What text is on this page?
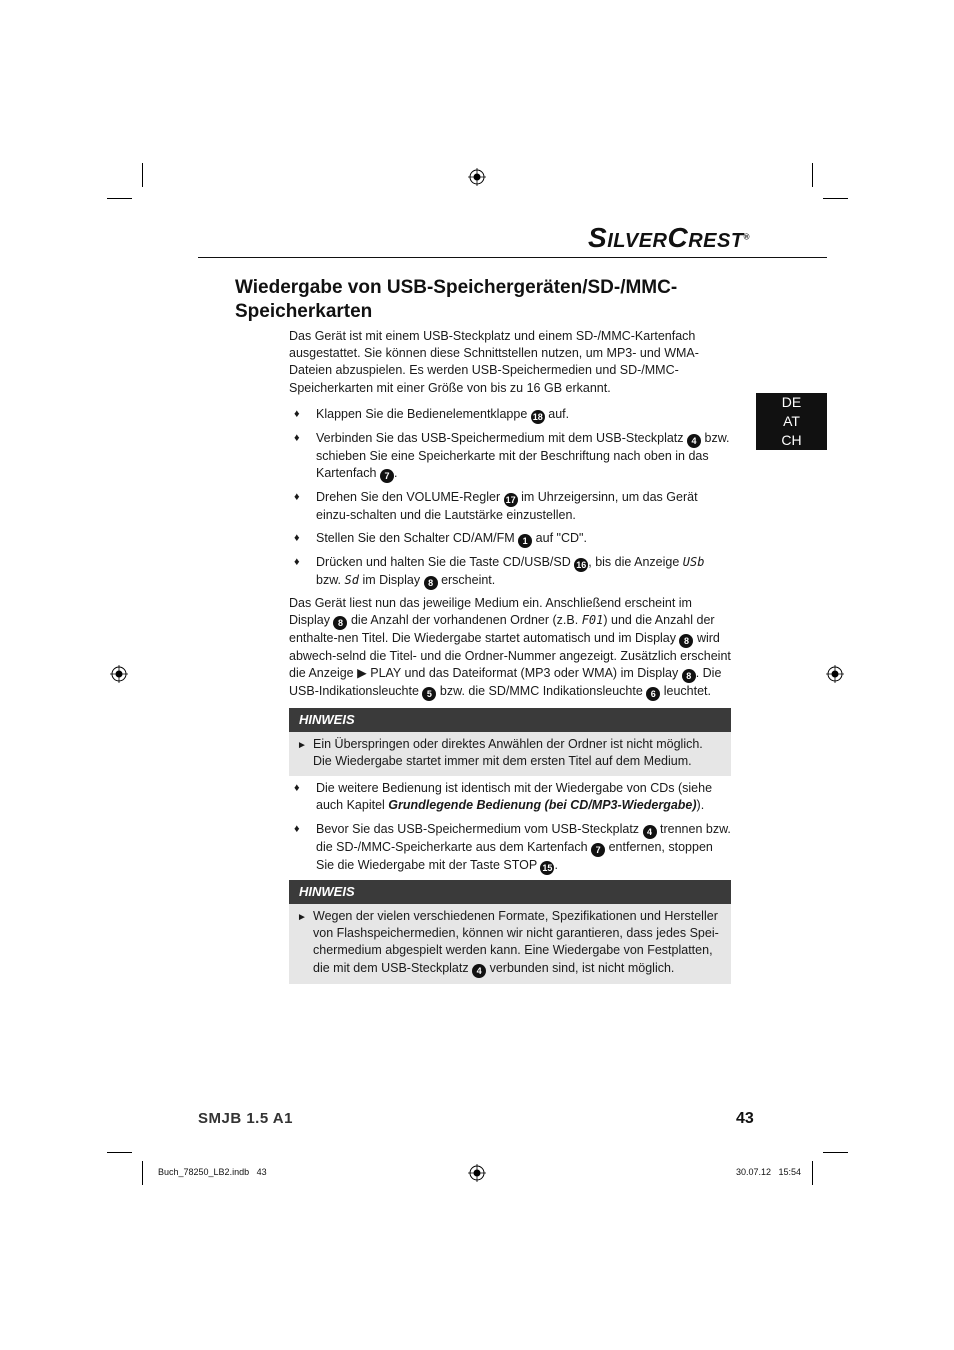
SILVERCREST®
Wiedergabe von USB-Speichergeräten/SD-/MMC-
Speicherkarten
DE
AT
CH

Das Gerät ist mit einem USB-Steckplatz und einem SD-/MMC-Kartenfach ausgestattet. Sie können diese Schnittstellen nutzen, um MP3- und WMA-Dateien abzuspielen. Es werden USB-Speichermedien und SD-/MMC-Speicherkarten mit einer Größe von bis zu 16 GB erkannt.

♦ Klappen Sie die Bedienelementklappe 18 auf.
♦ Verbinden Sie das USB-Speichermedium mit dem USB-Steckplatz 4 bzw. schieben Sie eine Speicherkarte mit der Beschriftung nach oben in das Kartenfach 7 .
♦ Drehen Sie den VOLUME-Regler 17 im Uhrzeigersinn, um das Gerät einzu-schalten und die Lautstärke einzustellen.
♦ Stellen Sie den Schalter CD/AM/FM 1 auf "CD".
♦ Drücken und halten Sie die Taste CD/USB/SD 16 , bis die Anzeige USb
bzw. Sd im Display 8 erscheint.

Das Gerät liest nun das jeweilige Medium ein. Anschließend erscheint im Display 8 die Anzahl der vorhandenen Ordner (z.B. F01) und die Anzahl der enthalte-nen Titel. Die Wiedergabe startet automatisch und im Display 8 wird abwech-selnd die Titel- und die Ordner-Nummer angezeigt. Zusätzlich erscheint die Anzeige ▶ PLAY und das Dateiformat (MP3 oder WMA) im Display 8 . Die USB-Indikationsleuchte 5 bzw. die SD/MMC Indikationsleuchte 6 leuchtet.

HINWEIS
► Ein Überspringen oder direktes Anwählen der Ordner ist nicht möglich. Die Wiedergabe startet immer mit dem ersten Titel auf dem Medium.
♦ Die weitere Bedienung ist identisch mit der Wiedergabe von CDs (siehe auch Kapitel Grundlegende Bedienung (bei CD/MP3-Wiedergabe)).
♦ Bevor Sie das USB-Speichermedium vom USB-Steckplatz 4 trennen bzw. die SD-/MMC-Speicherkarte aus dem Kartenfach 7 entfernen, stoppen Sie die Wiedergabe mit der Taste STOP 15 .
HINWEIS
► Wegen der vielen verschiedenen Formate, Spezifikationen und Hersteller von Flashspeichermedien, können wir nicht garantieren, dass jedes Spei-chermedium abgespielt werden kann. Eine Wiedergabe von Festplatten, die mit dem USB-Steckplatz 4 verbunden sind, ist nicht möglich.
SMJB 1.5 A1	43
Buch_78250_LB2.indb   43	30.07.12   15:54
